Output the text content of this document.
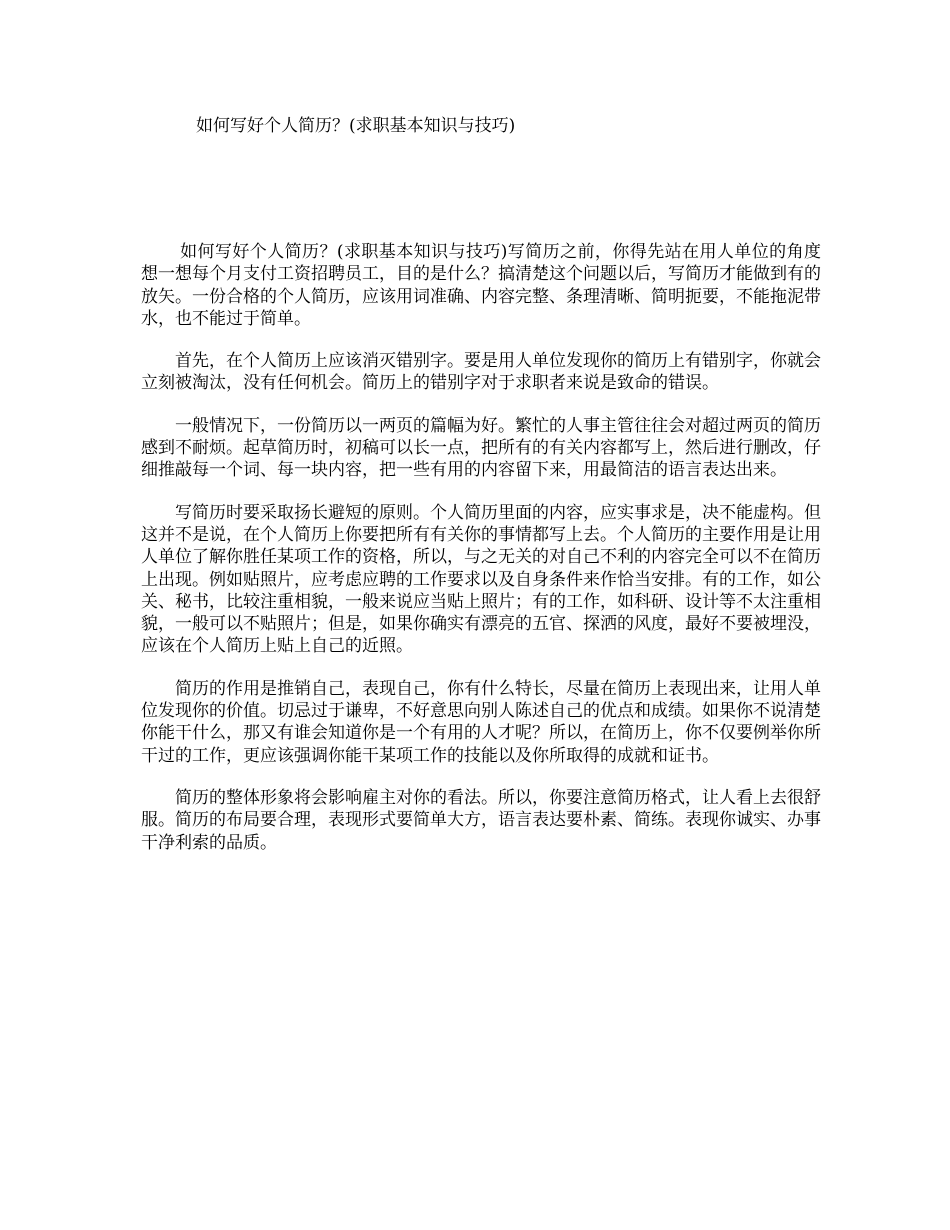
如何写好个人简历？(求职基本知识与技巧)

如何写好个人简历？(求职基本知识与技巧)写简历之前，你得先站在用人单位的角度想一想每个月支付工资招聘员工，目的是什么？搞清楚这个问题以后，写简历才能做到有的放矢。一份合格的个人简历，应该用词准确、内容完整、条理清晰、简明扼要，不能拖泥带水，也不能过于简单。

首先，在个人简历上应该消灭错别字。要是用人单位发现你的简历上有错别字，你就会立刻被淘汰，没有任何机会。简历上的错别字对于求职者来说是致命的错误。

一般情况下，一份简历以一两页的篇幅为好。繁忙的人事主管往往会对超过两页的简历感到不耐烦。起草简历时，初稿可以长一点，把所有的有关内容都写上，然后进行删改，仔细推敲每一个词、每一块内容，把一些有用的内容留下来，用最简洁的语言表达出来。

写简历时要采取扬长避短的原则。个人简历里面的内容，应实事求是，决不能虚构。但这并不是说，在个人简历上你要把所有有关你的事情都写上去。个人简历的主要作用是让用人单位了解你胜任某项工作的资格，所以，与之无关的对自己不利的内容完全可以不在简历上出现。例如贴照片，应考虑应聘的工作要求以及自身条件来作恰当安排。有的工作，如公关、秘书，比较注重相貌，一般来说应当贴上照片；有的工作，如科研、设计等不太注重相貌，一般可以不贴照片；但是，如果你确实有漂亮的五官、探洒的风度，最好不要被埋没，应该在个人简历上贴上自己的近照。

简历的作用是推销自己，表现自己，你有什么特长，尽量在简历上表现出来，让用人单位发现你的价值。切忌过于谦卑，不好意思向别人陈述自己的优点和成绩。如果你不说清楚你能干什么，那又有谁会知道你是一个有用的人才呢？所以，在简历上，你不仅要例举你所干过的工作，更应该强调你能干某项工作的技能以及你所取得的成就和证书。

简历的整体形象将会影响雇主对你的看法。所以，你要注意简历格式，让人看上去很舒服。简历的布局要合理，表现形式要简单大方，语言表达要朴素、简练。表现你诚实、办事干净利索的品质。
